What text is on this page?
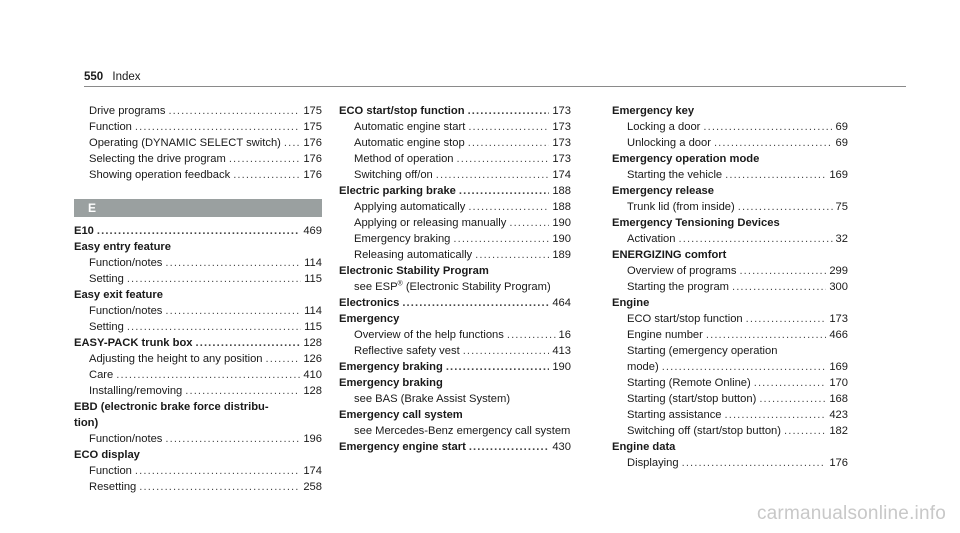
550 Index
Drive programs . . .	175
Function . . .	175
Operating (DYNAMIC SELECT switch) . . . 176
Selecting the drive program . . .	176
Showing operation feedback . . .	176
E
E10 . . .	469
Easy entry feature
Function/notes . . .	114
Setting . . .	115
Easy exit feature
Function/notes . . .	114
Setting . . .	115
EASY-PACK trunk box . . .	128
Adjusting the height to any position . . .	126
Care . . .	410
Installing/removing . . .	128
EBD (electronic brake force distribu-
tion)
Function/notes . . .	196
ECO display
Function . . .	174
Resetting . . .	258
ECO start/stop function . . .	173
Automatic engine start . . .	173
Automatic engine stop . . .	173
Method of operation . . .	173
Switching off/on . . .	174
Electric parking brake . . .	188
Applying automatically . . .	188
Applying or releasing manually . . .	190
Emergency braking . . .	190
Releasing automatically . . .	189
Electronic Stability Program
see ESP® (Electronic Stability Program)
Electronics . . .	464
Emergency
Overview of the help functions . . .	16
Reflective safety vest . . .	413
Emergency braking . . .	190
Emergency braking
see BAS (Brake Assist System)
Emergency call system
see Mercedes-Benz emergency call system
Emergency engine start . . .	430
Emergency key
Locking a door . . .	69
Unlocking a door . . .	69
Emergency operation mode
Starting the vehicle . . .	169
Emergency release
Trunk lid (from inside) . . .	75
Emergency Tensioning Devices
Activation . . .	32
ENERGIZING comfort
Overview of programs . . .	299
Starting the program . . .	300
Engine
ECO start/stop function . . .	173
Engine number . . .	466
Starting (emergency operation
mode) . . .	169
Starting (Remote Online) . . .	170
Starting (start/stop button) . . .	168
Starting assistance . . .	423
Switching off (start/stop button) . . .	182
Engine data
Displaying . . .	176
carmanualsonline.info
